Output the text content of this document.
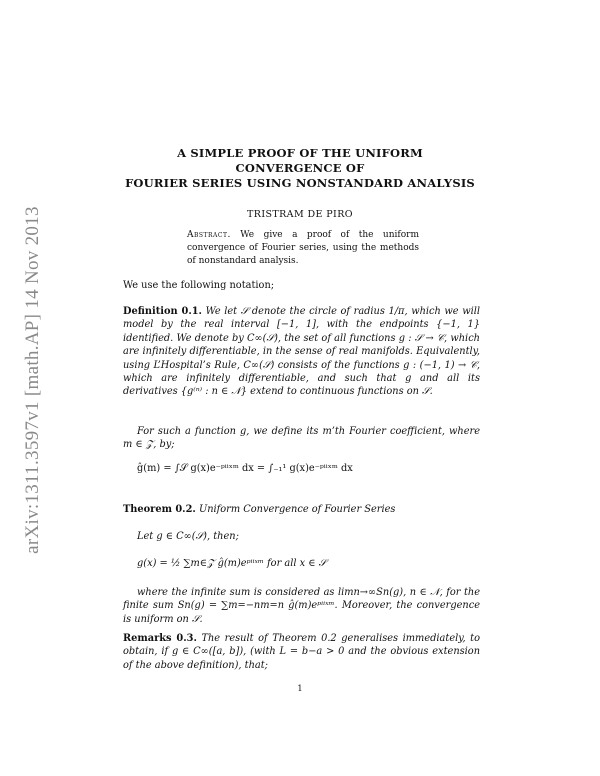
arXiv:1311.3597v1 [math.AP] 14 Nov 2013
A SIMPLE PROOF OF THE UNIFORM
CONVERGENCE OF
FOURIER SERIES USING NONSTANDARD ANALYSIS
TRISTRAM DE PIRO
Abstract. We give a proof of the uniform convergence of Fourier series, using the methods of nonstandard analysis.

We use the following notation;

Definition 0.1. We let 𝒮 denote the circle of radius 1/π, which we will model by the real interval [−1, 1], with the endpoints {−1, 1} identified. We denote by C∞(𝒮), the set of all functions g : 𝒮 → 𝒞, which are infinitely differentiable, in the sense of real manifolds. Equivalently, using L’Hospital’s Rule, C∞(𝒮) consists of the functions g : (−1, 1) → 𝒞, which are infinitely differentiable, and such that g and all its derivatives {g⁽ⁿ⁾ : n ∈ 𝒩} extend to continuous functions on 𝒮.

For such a function g, we define its m’th Fourier coefficient, where m ∈ 𝒵, by;

ĝ(m) = ∫𝒮 g(x)e⁻ᵖⁱⁱˣᵐ dx = ∫₋₁¹ g(x)e⁻ᵖⁱⁱˣᵐ dx

Theorem 0.2. Uniform Convergence of Fourier Series

Let g ∈ C∞(𝒮), then;

g(x) = ½ ∑m∈𝒵 ĝ(m)eᵖⁱⁱˣᵐ for all x ∈ 𝒮

where the infinite sum is considered as limn→∞Sn(g), n ∈ 𝒩, for the finite sum Sn(g) = ∑m=−nm=n ĝ(m)eᵖⁱⁱˣᵐ. Moreover, the convergence is uniform on 𝒮.

Remarks 0.3. The result of Theorem 0.2 generalises immediately, to obtain, if g ∈ C∞([a, b]), (with L = b−a > 0 and the obvious extension of the above definition), that;

1
